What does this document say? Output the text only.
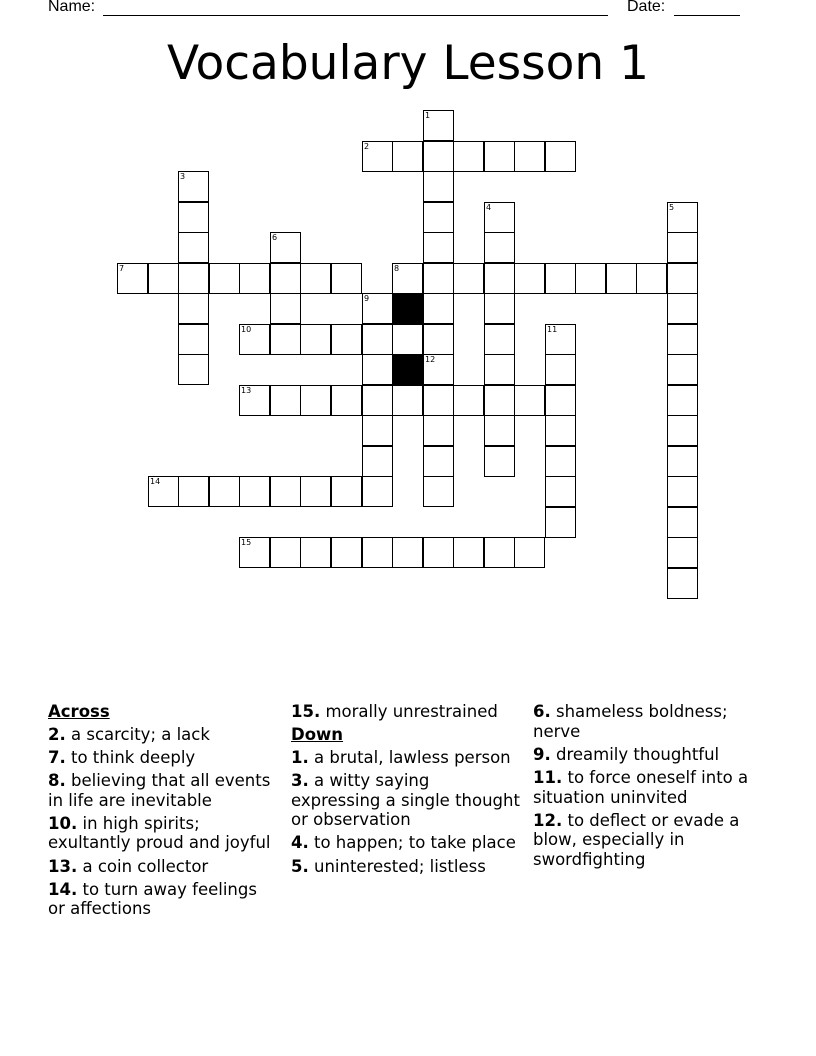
Name:	Date:
Vocabulary Lesson 1
1
2
3
4	5
6
7	8
9
10	11
12
13
14
15
Across
2. a scarcity; a lack
7. to think deeply
8. believing that all events in life are inevitable
10. in high spirits; exultantly proud and joyful
13. a coin collector
14. to turn away feelings or affections
15. morally unrestrained
Down
1. a brutal, lawless person
3. a witty saying expressing a single thought or observation
4. to happen; to take place
5. uninterested; listless
6. shameless boldness; nerve
9. dreamily thoughtful
11. to force oneself into a situation uninvited
12. to deflect or evade a blow, especially in swordfighting
